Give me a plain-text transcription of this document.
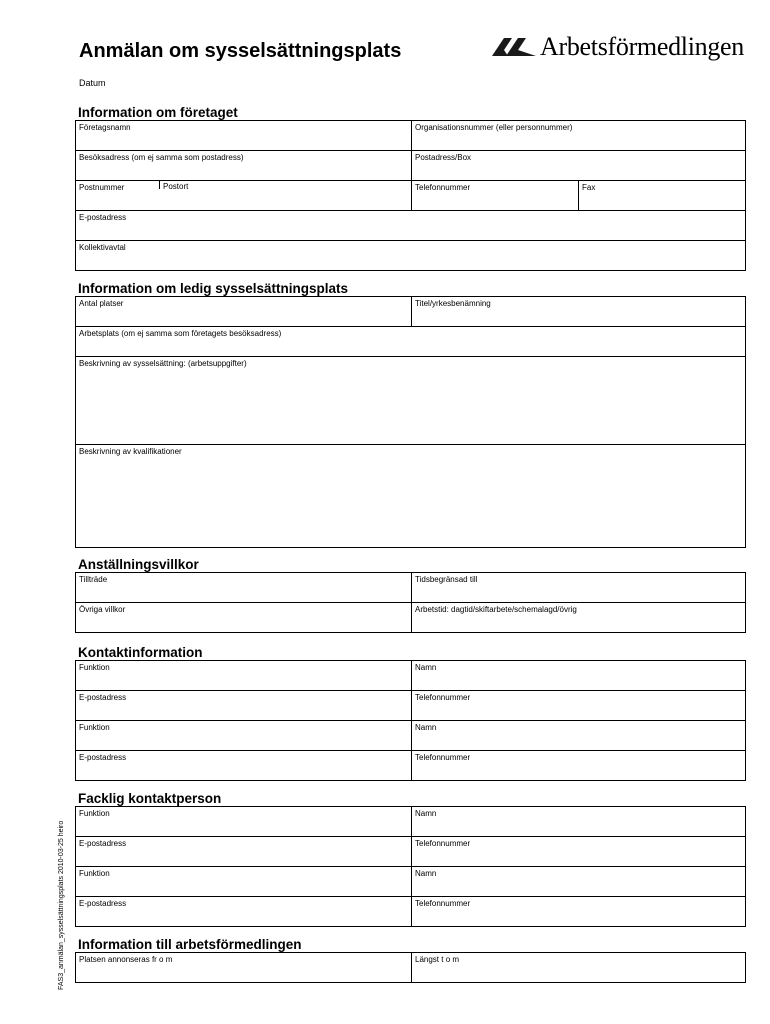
Anmälan om sysselsättningsplats
Datum
Arbetsförmedlingen
Information om företaget
Företagsnamn	Organisationsnummer (eller personnummer)
Besöksadress (om ej samma som postadress)	Postadress/Box
Postnummer	Postort	Telefonnummer	Fax
E-postadress
Kollektivavtal
Information om ledig sysselsättningsplats
Antal platser	Titel/yrkesbenämning
Arbetsplats (om ej samma som företagets besöksadress)
Beskrivning av sysselsättning: (arbetsuppgifter)
Beskrivning av kvalifikationer
Anställningsvillkor
Tillträde	Tidsbegränsad till
Övriga villkor	Arbetstid: dagtid/skiftarbete/schemalagd/övrig
Kontaktinformation
Funktion	Namn
E-postadress	Telefonnummer
Funktion	Namn
E-postadress	Telefonnummer
Facklig kontaktperson
Funktion	Namn
E-postadress	Telefonnummer
Funktion	Namn
E-postadress	Telefonnummer
Information till arbetsförmedlingen
Platsen annonseras fr o m	Längst t o m
FAS3_anmälan_sysselsättningsplats 2010-03-25 heiro
